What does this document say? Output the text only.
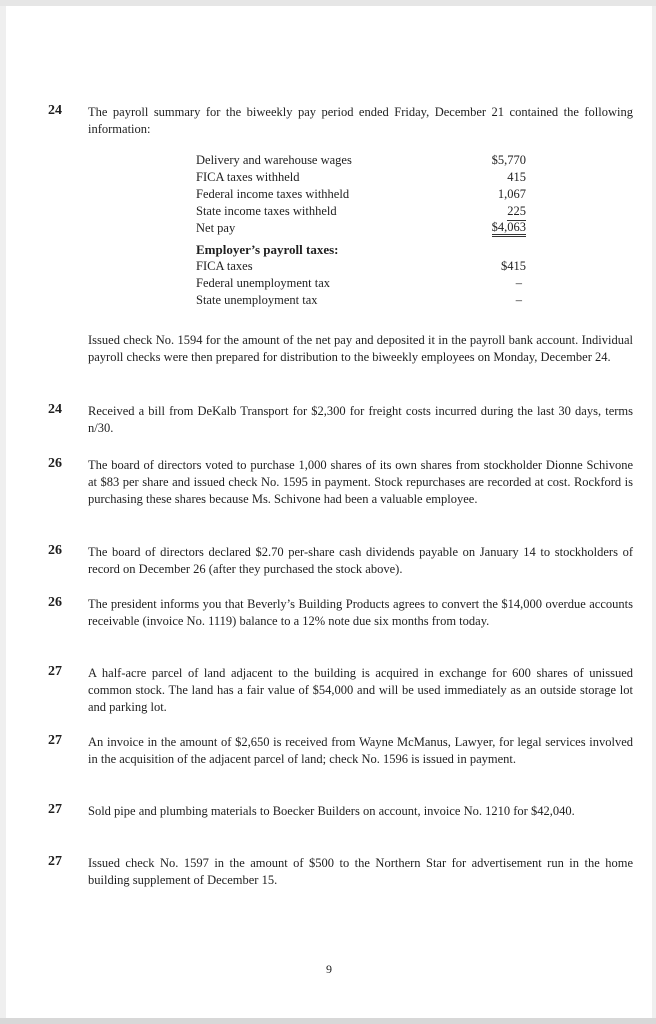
24 The payroll summary for the biweekly pay period ended Friday, December 21 contained the following information:
Delivery and warehouse wages	$5,770
FICA taxes withheld	415
Federal income taxes withheld	1,067
State income taxes withheld	225
Net pay	$4,063
Employer’s payroll taxes:
FICA taxes	$415
Federal unemployment tax	–
State unemployment tax	–
Issued check No. 1594 for the amount of the net pay and deposited it in the payroll bank account. Individual payroll checks were then prepared for distribution to the biweekly employees on Monday, December 24.
24 Received a bill from DeKalb Transport for $2,300 for freight costs incurred during the last 30 days, terms n/30.
26 The board of directors voted to purchase 1,000 shares of its own shares from stockholder Dionne Schivone at $83 per share and issued check No. 1595 in payment. Stock repurchases are recorded at cost. Rockford is purchasing these shares because Ms. Schivone had been a valuable employee.
26 The board of directors declared $2.70 per-share cash dividends payable on January 14 to stockholders of record on December 26 (after they purchased the stock above).
26 The president informs you that Beverly’s Building Products agrees to convert the $14,000 overdue accounts receivable (invoice No. 1119) balance to a 12% note due six months from today.
27 A half-acre parcel of land adjacent to the building is acquired in exchange for 600 shares of unissued common stock. The land has a fair value of $54,000 and will be used immediately as an outside storage lot and parking lot.
27 An invoice in the amount of $2,650 is received from Wayne McManus, Lawyer, for legal services involved in the acquisition of the adjacent parcel of land; check No. 1596 is issued in payment.
27 Sold pipe and plumbing materials to Boecker Builders on account, invoice No. 1210 for $42,040.
27 Issued check No. 1597 in the amount of $500 to the Northern Star for advertisement run in the home building supplement of December 15.
9
